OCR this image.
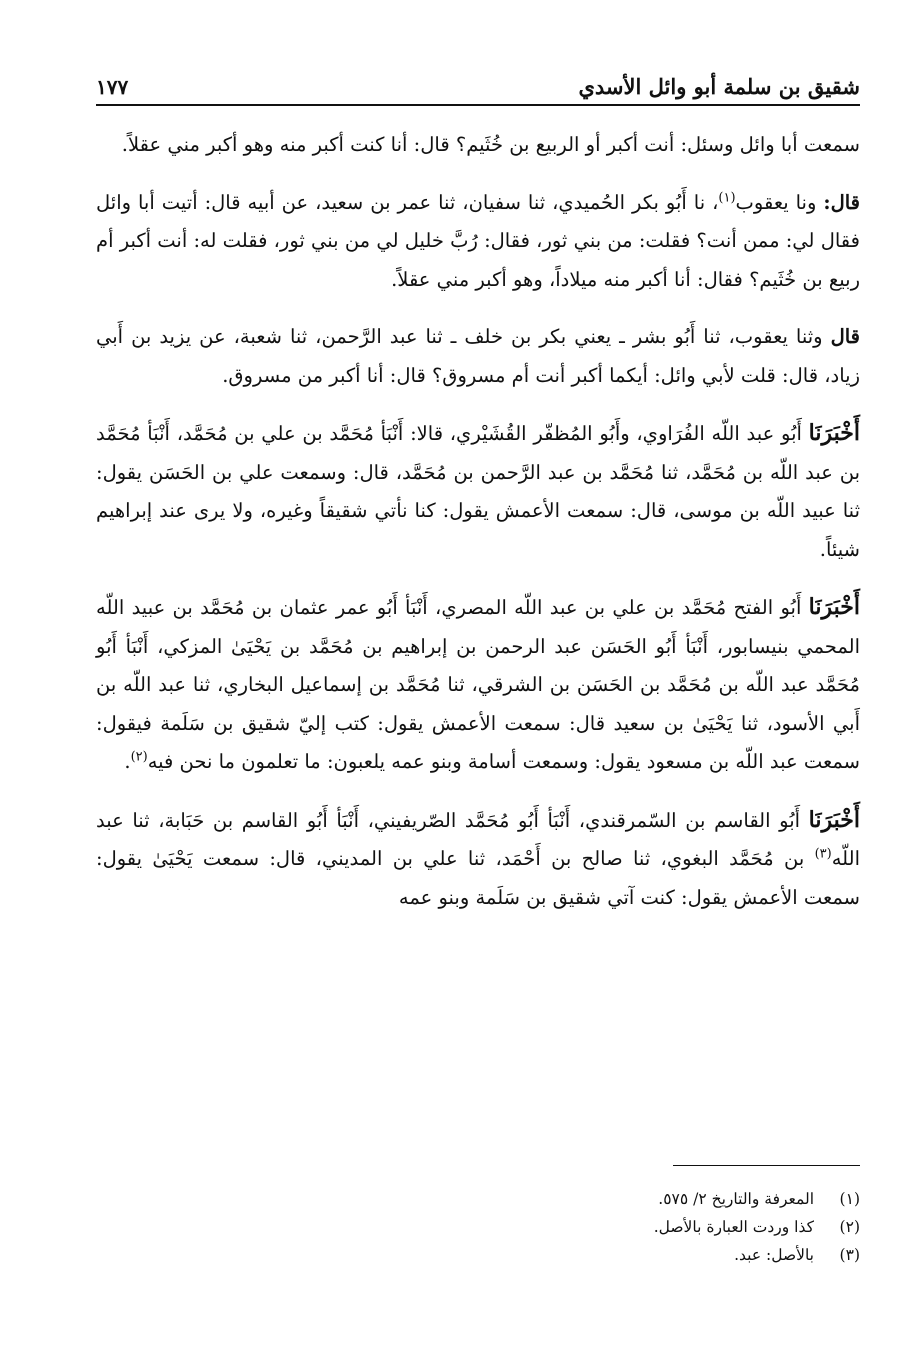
شقيق بن سلمة أبو وائل الأسدي
١٧٧

سمعت أبا وائل وسئل: أنت أكبر أو الربيع بن خُثَيم؟ قال: أنا كنت أكبر منه وهو أكبر مني عقلاً.

قال: ونا يعقوب$^{(١)}$، نا أَبُو بكر الحُميدي، ثنا سفيان، ثنا عمر بن سعيد، عن أبيه قال: أتيت أبا وائل فقال لي: ممن أنت؟ فقلت: من بني ثور، فقال: رُبَّ خليل لي من بني ثور، فقلت له: أنت أكبر أم ربيع بن خُثَيم؟ فقال: أنا أكبر منه ميلاداً، وهو أكبر مني عقلاً.

قال وثنا يعقوب، ثنا أَبُو بشر ـ يعني بكر بن خلف ـ ثنا عبد الرَّحمن، ثنا شعبة، عن يزيد بن أَبي زياد، قال: قلت لأبي وائل: أيكما أكبر أنت أم مسروق؟ قال: أنا أكبر من مسروق.

أَخْبَرَنَا أَبُو عبد اللّه الفُرَاوي، وأَبُو المُظفّر القُشَيْري، قالا: أَنْبَأ مُحَمَّد بن علي بن مُحَمَّد، أَنْبَأ مُحَمَّد بن عبد اللّه بن مُحَمَّد، ثنا مُحَمَّد بن عبد الرَّحمن بن مُحَمَّد، قال: وسمعت علي بن الحَسَن يقول: ثنا عبيد اللّه بن موسى، قال: سمعت الأعمش يقول: كنا نأتي شقيقاً وغيره، ولا يرى عند إبراهيم شيئاً.

أَخْبَرَنَا أَبُو الفتح مُحَمَّد بن علي بن عبد اللّه المصري، أَنْبَأ أَبُو عمر عثمان بن مُحَمَّد بن عبيد اللّه المحمي بنيسابور، أَنْبَأ أَبُو الحَسَن عبد الرحمن بن إبراهيم بن مُحَمَّد بن يَحْيَىٰ المزكي، أَنْبَأ أَبُو مُحَمَّد عبد اللّه بن مُحَمَّد بن الحَسَن بن الشرقي، ثنا مُحَمَّد بن إسماعيل البخاري، ثنا عبد اللّه بن أَبي الأسود، ثنا يَحْيَىٰ بن سعيد قال: سمعت الأعمش يقول: كتب إليّ شقيق بن سَلَمة فيقول: سمعت عبد اللّه بن مسعود يقول: وسمعت أسامة وبنو عمه يلعبون: ما تعلمون ما نحن فيه$^{(٢)}$.

أَخْبَرَنَا أَبُو القاسم بن السّمرقندي، أَنْبَأ أَبُو مُحَمَّد الصّريفيني، أَنْبَأ أَبُو القاسم بن حَبَابة، ثنا عبد اللّه$^{(٣)}$ بن مُحَمَّد البغوي، ثنا صالح بن أَحْمَد، ثنا علي بن المديني، قال: سمعت يَحْيَىٰ يقول: سمعت الأعمش يقول: كنت آتي شقيق بن سَلَمة وبنو عمه

(١)
المعرفة والتاريخ ٢/ ٥٧٥.
(٢)
كذا وردت العبارة بالأصل.
(٣)
بالأصل: عبد.
